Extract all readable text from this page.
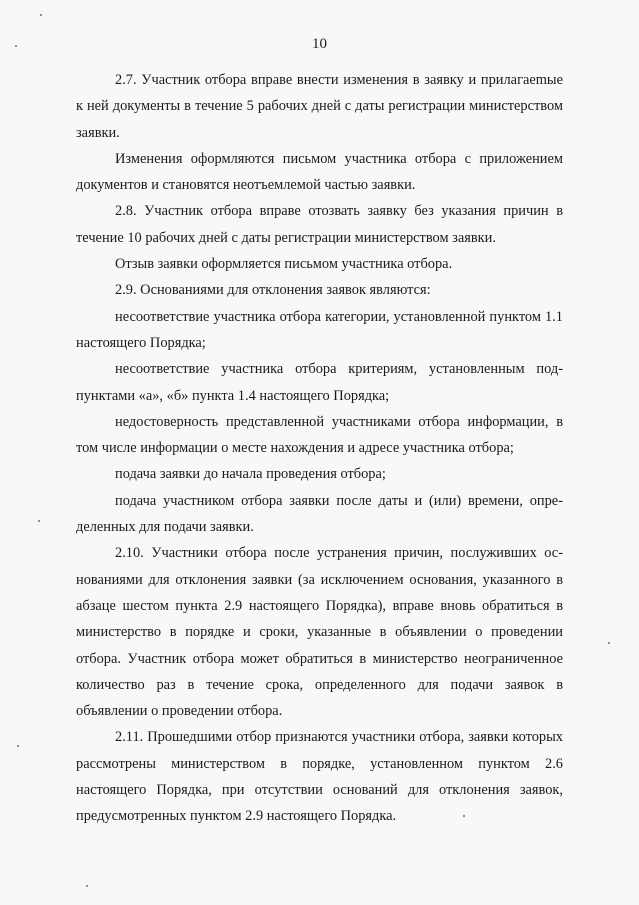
10

2.7. Участник отбора вправе внести изменения в заявку и прилагаеmые к ней документы в течение 5 рабочих дней с даты регистрации министерством заявки.

Изменения оформляются письмом участника отбора с приложением документов и становятся неотъемлемой частью заявки.

2.8. Участник отбора вправе отозвать заявку без указания причин в течение 10 рабочих дней с даты регистрации министерством заявки.

Отзыв заявки оформляется письмом участника отбора.

2.9. Основаниями для отклонения заявок являются:

несоответствие участника отбора категории, установленной пунктом 1.1 настоящего Порядка;

несоответствие участника отбора критериям, установленным подпунктами «а», «б» пункта 1.4 настоящего Порядка;

недостоверность представленной участниками отбора информации, в том числе информации о месте нахождения и адресе участника отбора;

подача заявки до начала проведения отбора;

подача участником отбора заявки после даты и (или) времени, определенных для подачи заявки.

2.10. Участники отбора после устранения причин, послуживших основаниями для отклонения заявки (за исключением основания, указанного в абзаце шестом пункта 2.9 настоящего Порядка), вправе вновь обратиться в министерство в порядке и сроки, указанные в объявлении о проведении отбора. Участник отбора может обратиться в министерство неограниченное количество раз в течение срока, определенного для подачи заявок в объявлении о проведении отбора.

2.11. Прошедшими отбор признаются участники отбора, заявки которых рассмотрены министерством в порядке, установленном пунктом 2.6 настоящего Порядка, при отсутствии оснований для отклонения заявок, предусмотренных пунктом 2.9 настоящего Порядка.
